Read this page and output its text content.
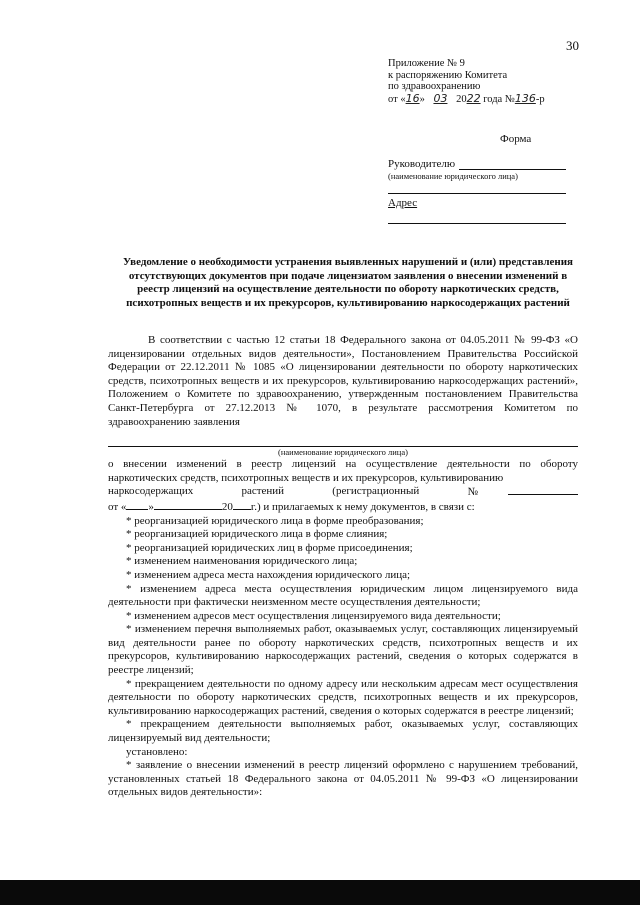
30
Приложение № 9
к распоряжению Комитета
по здравоохранению
от «16» 03 2022 года №136-р
Форма
Руководителю
(наименование юридического лица)
Адрес
Уведомление о необходимости устранения выявленных нарушений и (или) представления отсутствующих документов при подаче лицензиатом заявления о внесении изменений в реестр лицензий на осуществление деятельности по обороту наркотических средств, психотропных веществ и их прекурсоров, культивированию наркосодержащих растений

В соответствии с частью 12 статьи 18 Федерального закона от 04.05.2011 № 99-ФЗ «О лицензировании отдельных видов деятельности», Постановлением Правительства Российской Федерации от 22.12.2011 № 1085 «О лицензировании деятельности по обороту наркотических средств, психотропных веществ и их прекурсоров, культивированию наркосодержащих растений», Положением о Комитете по здравоохранению, утвержденным постановлением Правительства Санкт-Петербурга от 27.12.2013 № 1070, в результате рассмотрения Комитетом по здравоохранению заявления

(наименование юридического лица)

о внесении изменений в реестр лицензий на осуществление деятельности по обороту наркотических средств, психотропных веществ и их прекурсоров, культивированию

наркосодержащих	растений	(регистрационный	№
от « »	20 г.) и прилагаемых к нему документов, в связи с:

* реорганизацией юридического лица в форме преобразования;

* реорганизацией юридического лица в форме слияния;

* реорганизацией юридических лиц в форме присоединения;

* изменением наименования юридического лица;

* изменением адреса места нахождения юридического лица;

* изменением адреса места осуществления юридическим лицом лицензируемого вида деятельности при фактически неизменном месте осуществления деятельности;

* изменением адресов мест осуществления лицензируемого вида деятельности;

* изменением перечня выполняемых работ, оказываемых услуг, составляющих лицензируемый вид деятельности ранее по обороту наркотических средств, психотропных веществ и их прекурсоров, культивированию наркосодержащих растений, сведения о которых содержатся в реестре лицензий;

* прекращением деятельности по одному адресу или нескольким адресам мест осуществления деятельности по обороту наркотических средств, психотропных веществ и их прекурсоров, культивированию наркосодержащих растений, сведения о которых содержатся в реестре лицензий;

* прекращением деятельности выполняемых работ, оказываемых услуг, составляющих лицензируемый вид деятельности;

установлено:

* заявление о внесении изменений в реестр лицензий оформлено с нарушением требований, установленных статьей 18 Федерального закона от 04.05.2011 № 99-ФЗ «О лицензировании отдельных видов деятельности»:
